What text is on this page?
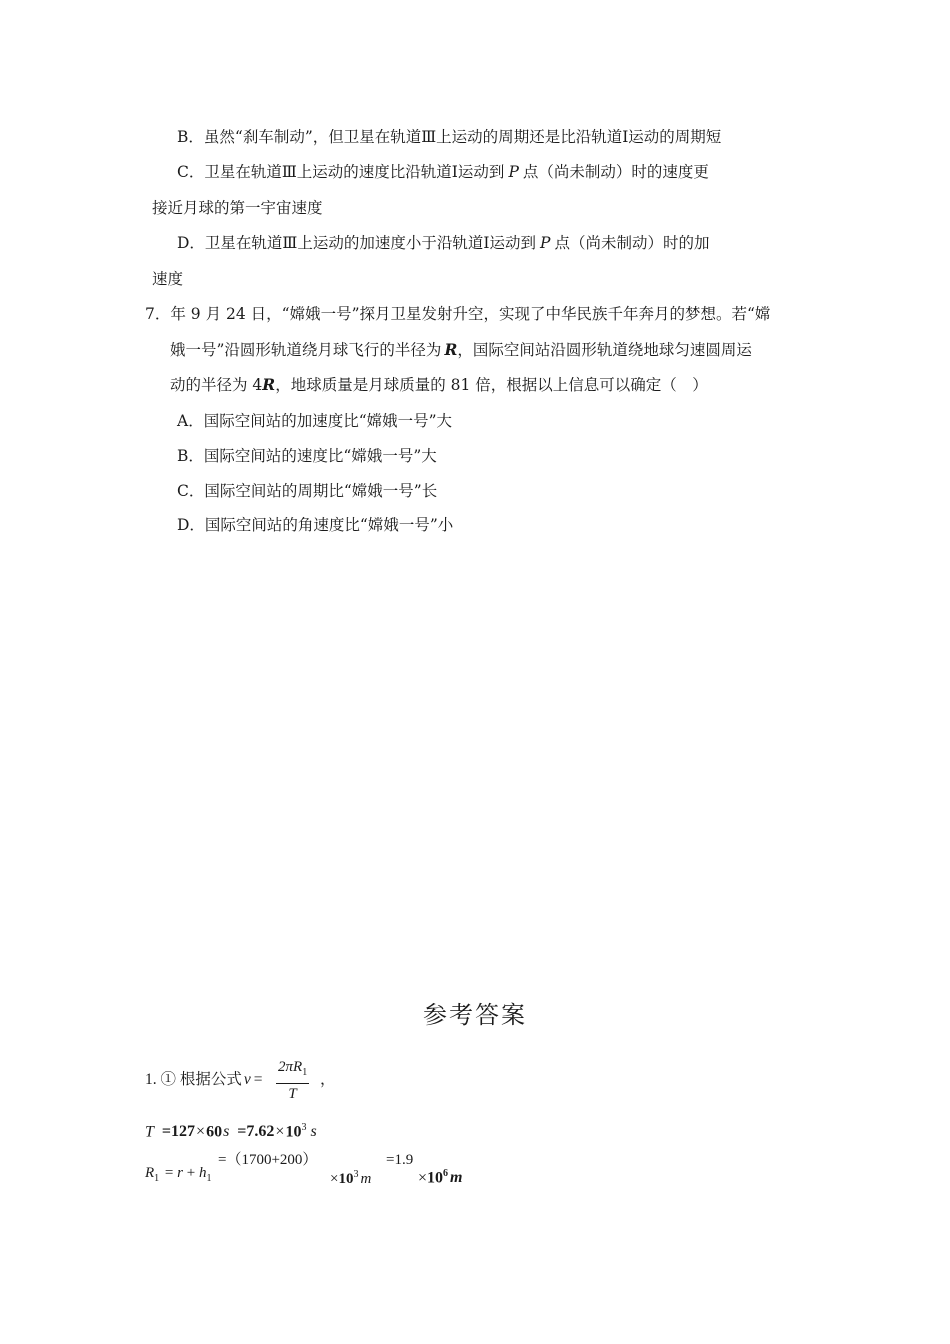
B．虽然“刹车制动”，但卫星在轨道Ⅲ上运动的周期还是比沿轨道Ⅰ运动的周期短
C．卫星在轨道Ⅲ上运动的速度比沿轨道Ⅰ运动到 P 点（尚未制动）时的速度更
接近月球的第一宇宙速度
D．卫星在轨道Ⅲ上运动的加速度小于沿轨道Ⅰ运动到 P 点（尚未制动）时的加
速度
7．年 9 月 24 日，“嫦娥一号”探月卫星发射升空，实现了中华民族千年奔月的梦想。若“嫦
娥一号”沿圆形轨道绕月球飞行的半径为 R，国际空间站沿圆形轨道绕地球匀速圆周运
动的半径为 4R，地球质量是月球质量的 81 倍，根据以上信息可以确定（　）
A．国际空间站的加速度比“嫦娥一号”大
B．国际空间站的速度比“嫦娥一号”大
C．国际空间站的周期比“嫦娥一号”长
D．国际空间站的角速度比“嫦娥一号”小
参考答案
1. ① 根据公式 v =
$2\pi R_1$
T
，
$T =127\times 60s =7.62\times 10^3$ s
$R_1 = r + h_1$
=（1700+200）
$\times 10^3$ m
=1.9
$\times 10^6$ m
